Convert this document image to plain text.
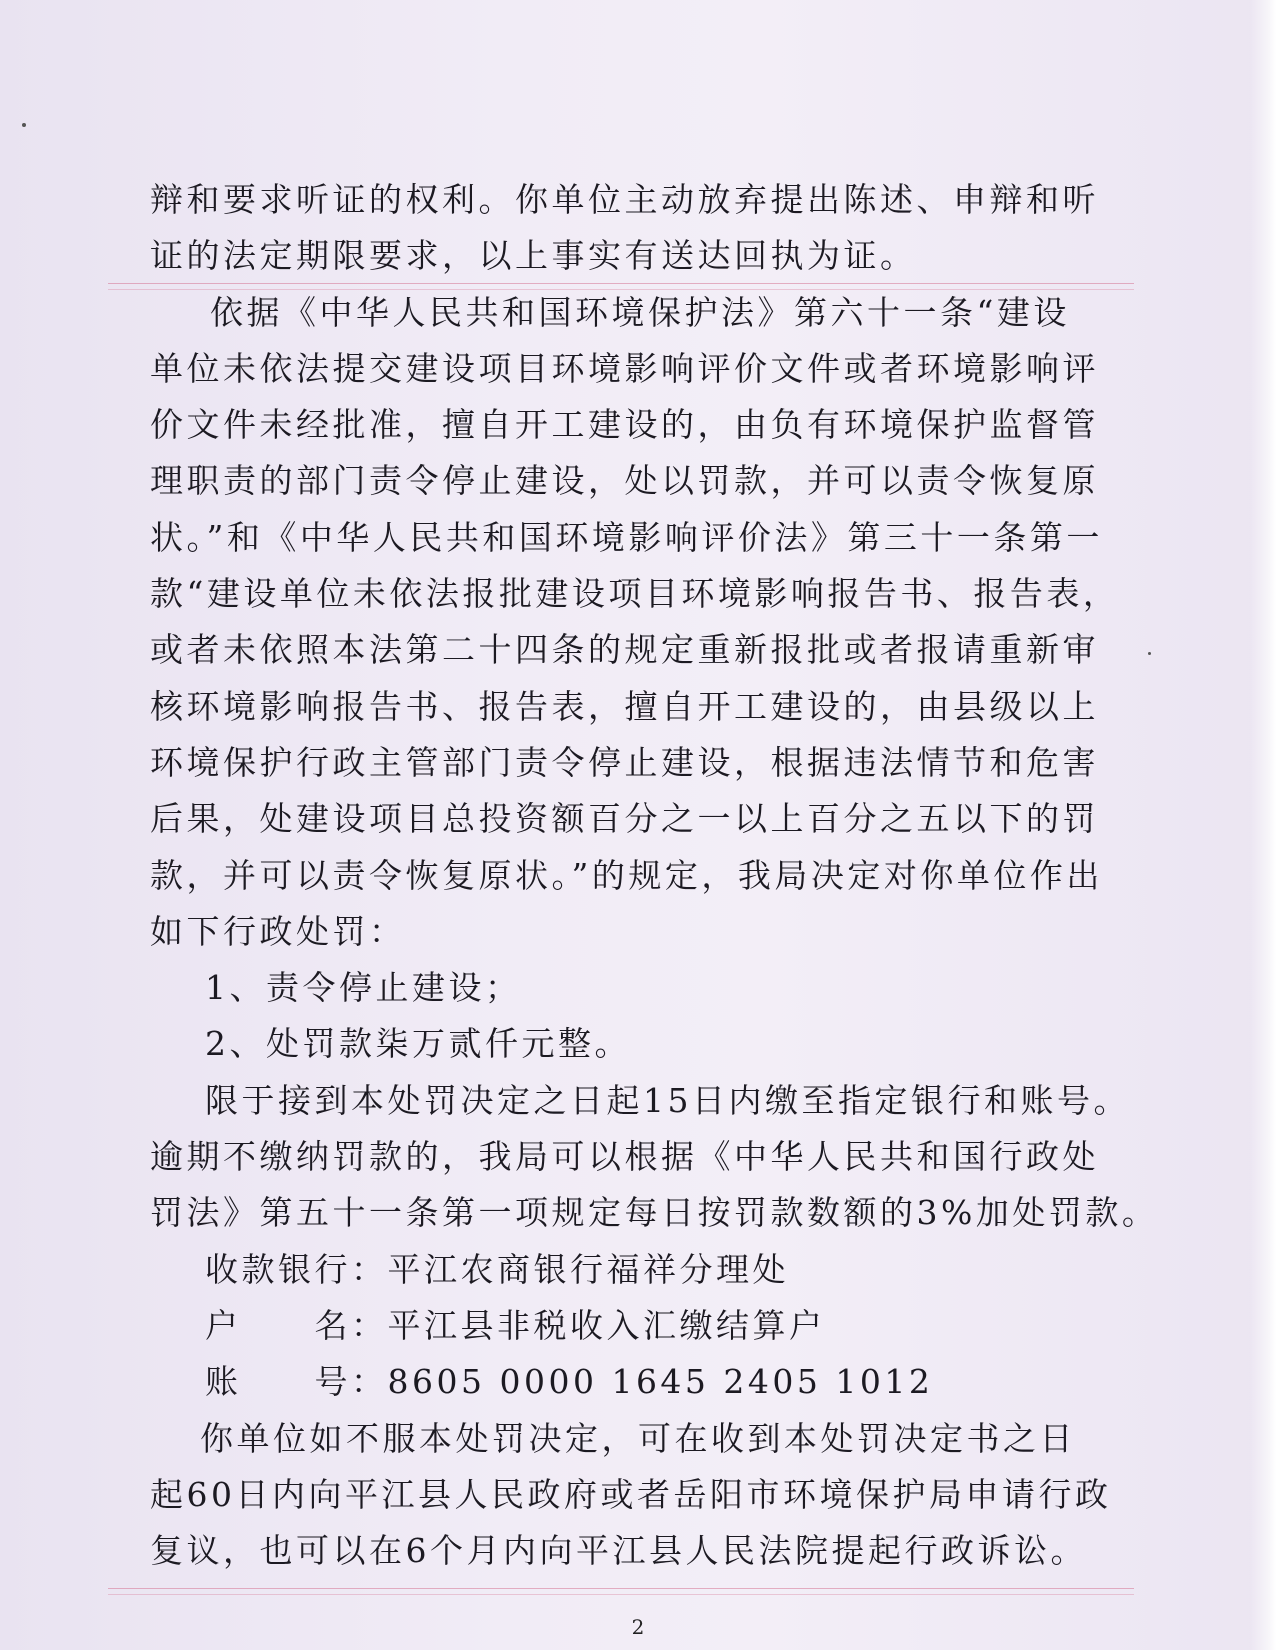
辩和要求听证的权利。你单位主动放弃提出陈述、申辩和听
证的法定期限要求，以上事实有送达回执为证。
依据《中华人民共和国环境保护法》第六十一条“建设
单位未依法提交建设项目环境影响评价文件或者环境影响评
价文件未经批准，擅自开工建设的，由负有环境保护监督管
理职责的部门责令停止建设，处以罚款，并可以责令恢复原
状。”和《中华人民共和国环境影响评价法》第三十一条第一
款“建设单位未依法报批建设项目环境影响报告书、报告表，
或者未依照本法第二十四条的规定重新报批或者报请重新审
核环境影响报告书、报告表，擅自开工建设的，由县级以上
环境保护行政主管部门责令停止建设，根据违法情节和危害
后果，处建设项目总投资额百分之一以上百分之五以下的罚
款，并可以责令恢复原状。”的规定，我局决定对你单位作出
如下行政处罚：
1、责令停止建设；
2、处罚款柒万贰仟元整。
限于接到本处罚决定之日起15日内缴至指定银行和账号。
逾期不缴纳罚款的，我局可以根据《中华人民共和国行政处
罚法》第五十一条第一项规定每日按罚款数额的3%加处罚款。
收款银行：平江农商银行福祥分理处
户　　名：平江县非税收入汇缴结算户
账　　号：8605 0000 1645 2405 1012
你单位如不服本处罚决定，可在收到本处罚决定书之日
起60日内向平江县人民政府或者岳阳市环境保护局申请行政
复议，也可以在6个月内向平江县人民法院提起行政诉讼。
2
